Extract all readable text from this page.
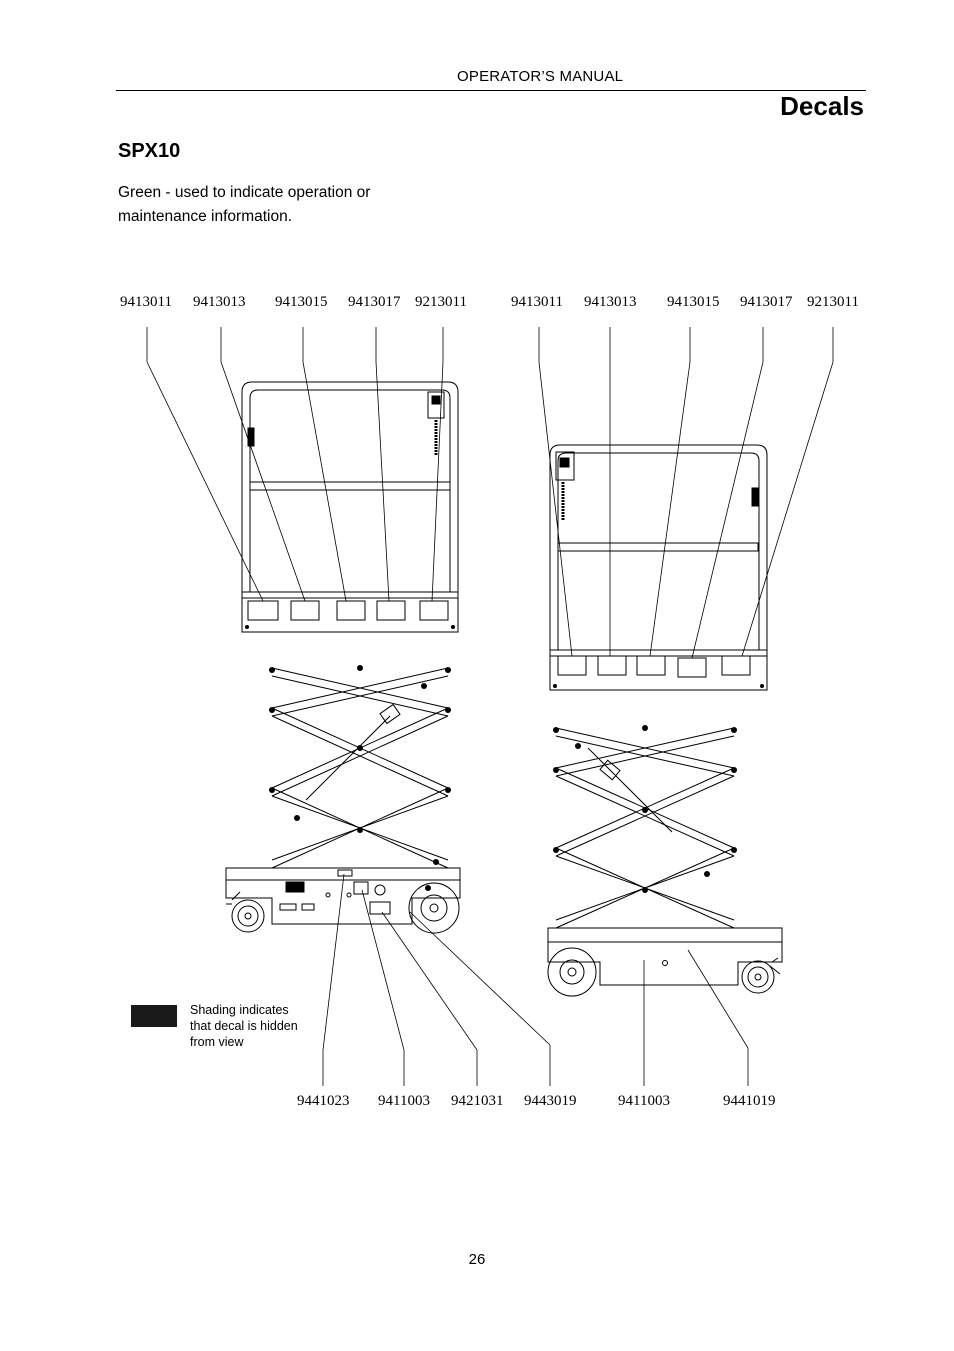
OPERATOR’S MANUAL
Decals
SPX10
Green - used to indicate operation or
maintenance information.
9413011 9413013 9413015 9413017 9213011	9413011 9413013 9413015 9413017 9213011
9441023 9411003 9421031 9443019	9411003	9441019
Shading indicates
that decal is hidden
from view
26
